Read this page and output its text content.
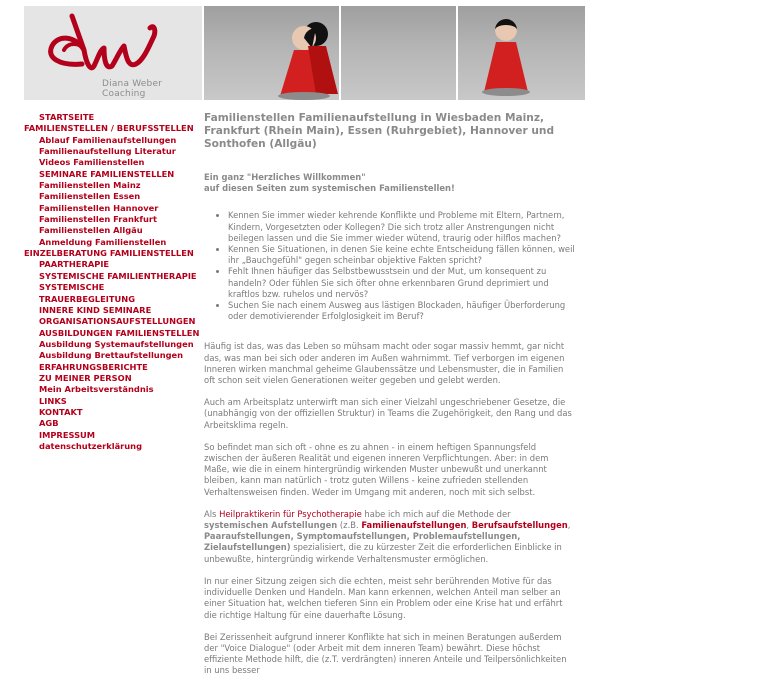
Diana Weber Coaching
STARTSEITE
FAMILIENSTELLEN / BERUFSSTELLEN
Ablauf Familienaufstellungen
Familienaufstellung Literatur
Videos Familienstellen
SEMINARE FAMILIENSTELLEN
Familienstellen Mainz
Familienstellen Essen
Familienstellen Hannover
Familienstellen Frankfurt
Familienstellen Allgäu
Anmeldung Familienstellen
EINZELBERATUNG FAMILIENSTELLEN
PAARTHERAPIE
SYSTEMISCHE FAMILIENTHERAPIE
SYSTEMISCHE TRAUERBEGLEITUNG
INNERE KIND SEMINARE
ORGANISATIONSAUFSTELLUNGEN
AUSBILDUNGEN FAMILIENSTELLEN
Ausbildung Systemaufstellungen
Ausbildung Brettaufstellungen
ERFAHRUNGSBERICHTE
ZU MEINER PERSON
Mein Arbeitsverständnis
LINKS
KONTAKT
AGB
IMPRESSUM
datenschutzerklärung
Familienstellen Familienaufstellung in Wiesbaden Mainz, Frankfurt (Rhein Main), Essen (Ruhrgebiet), Hannover und Sonthofen (Allgäu)
Ein ganz "Herzliches Willkommen"
auf diesen Seiten zum systemischen Familienstellen!
• Kennen Sie immer wieder kehrende Konflikte und Probleme mit Eltern, Partnern, Kindern, Vorgesetzten oder Kollegen? Die sich trotz aller Anstrengungen nicht beilegen lassen und die Sie immer wieder wütend, traurig oder hilflos machen?
• Kennen Sie Situationen, in denen Sie keine echte Entscheidung fällen können, weil ihr „Bauchgefühl" gegen scheinbar objektive Fakten spricht?
• Fehlt Ihnen häufiger das Selbstbewusstsein und der Mut, um konsequent zu handeln? Oder fühlen Sie sich öfter ohne erkennbaren Grund deprimiert und kraftlos bzw. ruhelos und nervös?
• Suchen Sie nach einem Ausweg aus lästigen Blockaden, häufiger Überforderung oder demotivierender Erfolglosigkeit im Beruf?

Häufig ist das, was das Leben so mühsam macht oder sogar massiv hemmt, gar nicht das, was man bei sich oder anderen im Außen wahrnimmt. Tief verborgen im eigenen Inneren wirken manchmal geheime Glaubenssätze und Lebensmuster, die in Familien oft schon seit vielen Generationen weiter gegeben und gelebt werden.

Auch am Arbeitsplatz unterwirft man sich einer Vielzahl ungeschriebener Gesetze, die (unabhängig von der offiziellen Struktur) in Teams die Zugehörigkeit, den Rang und das Arbeitsklima regeln.

So befindet man sich oft - ohne es zu ahnen - in einem heftigen Spannungsfeld zwischen der äußeren Realität und eigenen inneren Verpflichtungen. Aber: in dem Maße, wie die in einem hintergründig wirkenden Muster unbewußt und unerkannt bleiben, kann man natürlich - trotz guten Willens - keine zufrieden stellenden Verhaltensweisen finden. Weder im Umgang mit anderen, noch mit sich selbst.

Als Heilpraktikerin für Psychotherapie habe ich mich auf die Methode der systemischen Aufstellungen (z.B. Familienaufstellungen, Berufsaufstellungen, Paaraufstellungen, Symptomaufstellungen, Problemaufstellungen, Zielaufstellungen) spezialisiert, die zu kürzester Zeit die erforderlichen Einblicke in unbewußte, hintergründig wirkende Verhaltensmuster ermöglichen.

In nur einer Sitzung zeigen sich die echten, meist sehr berührenden Motive für das individuelle Denken und Handeln. Man kann erkennen, welchen Anteil man selber an einer Situation hat, welchen tieferen Sinn ein Problem oder eine Krise hat und erfährt die richtige Haltung für eine dauerhafte Lösung.

Bei Zerissenheit aufgrund innerer Konflikte hat sich in meinen Beratungen außerdem der "Voice Dialogue" (oder Arbeit mit dem inneren Team) bewährt. Diese höchst effiziente Methode hilft, die (z.T. verdrängten) inneren Anteile und Teilpersönlichkeiten in uns besser
